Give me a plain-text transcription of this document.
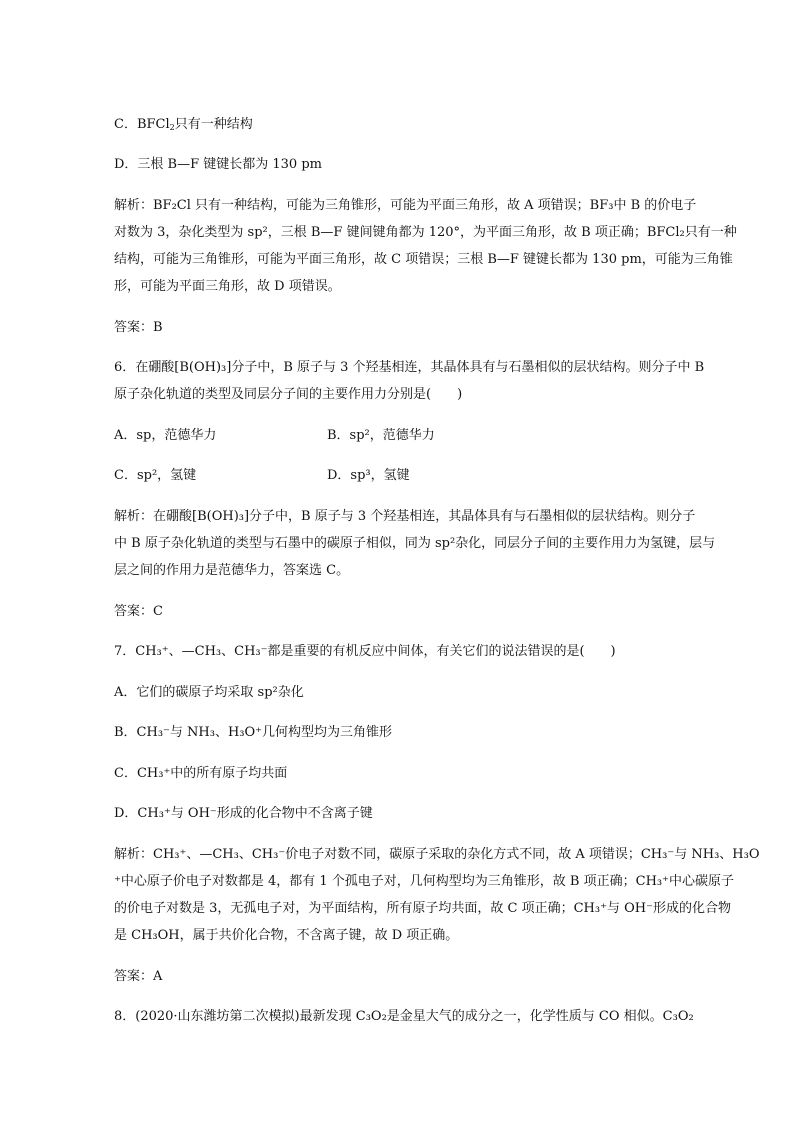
C．BFCl$_2$只有一种结构
D．三根 B—F 键键长都为 130 pm
解析：BF₂Cl 只有一种结构，可能为三角锥形，可能为平面三角形，故 A 项错误；BF₃中 B 的价电子
对数为 3，杂化类型为 sp²，三根 B—F 键间键角都为 120°，为平面三角形，故 B 项正确；BFCl₂只有一种
结构，可能为三角锥形，可能为平面三角形，故 C 项错误；三根 B—F 键键长都为 130 pm，可能为三角锥
形，可能为平面三角形，故 D 项错误。
答案：B
6．在硼酸[B(OH)₃]分子中，B 原子与 3 个羟基相连，其晶体具有与石墨相似的层状结构。则分子中 B
原子杂化轨道的类型及同层分子间的主要作用力分别是(　　)
A．sp，范德华力	B．sp²，范德华力
C．sp²，氢键	D．sp³，氢键
解析：在硼酸[B(OH)₃]分子中，B 原子与 3 个羟基相连，其晶体具有与石墨相似的层状结构。则分子
中 B 原子杂化轨道的类型与石墨中的碳原子相似，同为 sp²杂化，同层分子间的主要作用力为氢键，层与
层之间的作用力是范德华力，答案选 C。
答案：C
7．CH₃⁺、—CH₃、CH₃⁻都是重要的有机反应中间体，有关它们的说法错误的是(　　)
A．它们的碳原子均采取 sp²杂化
B．CH₃⁻与 NH₃、H₃O⁺几何构型均为三角锥形
C．CH₃⁺中的所有原子均共面
D．CH₃⁺与 OH⁻形成的化合物中不含离子键
解析：CH₃⁺、—CH₃、CH₃⁻价电子对数不同，碳原子采取的杂化方式不同，故 A 项错误；CH₃⁻与 NH₃、H₃O
⁺中心原子价电子对数都是 4，都有 1 个孤电子对，几何构型均为三角锥形，故 B 项正确；CH₃⁺中心碳原子
的价电子对数是 3，无孤电子对，为平面结构，所有原子均共面，故 C 项正确；CH₃⁺与 OH⁻形成的化合物
是 CH₃OH，属于共价化合物，不含离子键，故 D 项正确。
答案：A
8．(2020·山东潍坊第二次模拟)最新发现 C₃O₂是金星大气的成分之一，化学性质与 CO 相似。C₃O₂
